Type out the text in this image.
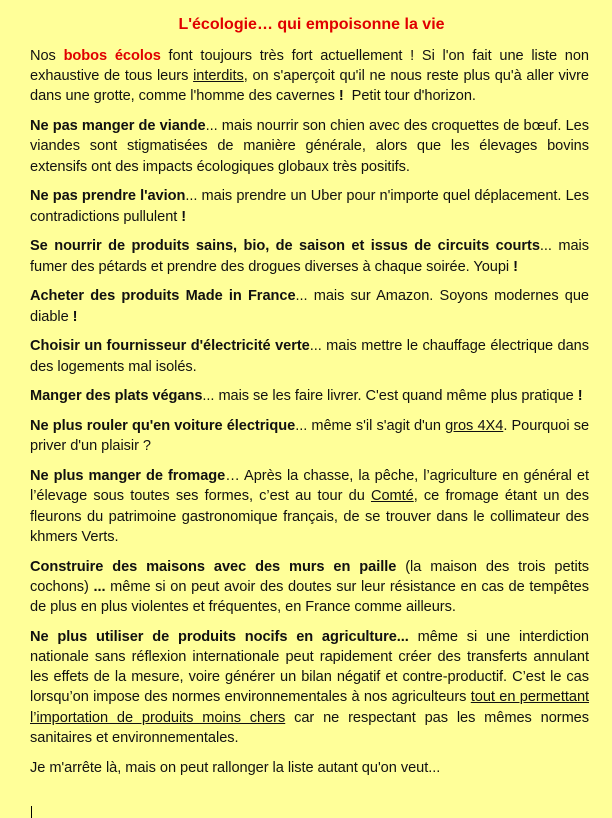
L'écologie… qui empoisonne la vie

Nos bobos écolos font toujours très fort actuellement ! Si l'on fait une liste non exhaustive de tous leurs interdits, on s'aperçoit qu'il ne nous reste plus qu'à aller vivre dans une grotte, comme l'homme des cavernes !  Petit tour d'horizon.

Ne pas manger de viande... mais nourrir son chien avec des croquettes de bœuf. Les viandes sont stigmatisées de manière générale, alors que les élevages bovins extensifs ont des impacts écologiques globaux très positifs.

Ne pas prendre l'avion... mais prendre un Uber pour n'importe quel déplacement. Les contradictions pullulent !

Se nourrir de produits sains, bio, de saison et issus de circuits courts... mais fumer des pétards et prendre des drogues diverses à chaque soirée. Youpi !

Acheter des produits Made in France... mais sur Amazon. Soyons modernes que diable !

Choisir un fournisseur d'électricité verte... mais mettre le chauffage électrique dans des logements mal isolés.

Manger des plats végans... mais se les faire livrer. C'est quand même plus pratique !

Ne plus rouler qu'en voiture électrique... même s'il s'agit d'un gros 4X4. Pourquoi se priver d'un plaisir ?

Ne plus manger de fromage… Après la chasse, la pêche, l’agriculture en général et l’élevage sous toutes ses formes, c’est au tour du Comté, ce fromage étant un des fleurons du patrimoine gastronomique français, de se trouver dans le collimateur des khmers Verts.

Construire des maisons avec des murs en paille (la maison des trois petits cochons) ... même si on peut avoir des doutes sur leur résistance en cas de tempêtes de plus en plus violentes et fréquentes, en France comme ailleurs.

Ne plus utiliser de produits nocifs en agriculture... même si une interdiction nationale sans réflexion internationale peut rapidement créer des transferts annulant les effets de la mesure, voire générer un bilan négatif et contre-productif. C’est le cas lorsqu’on impose des normes environnementales à nos agriculteurs tout en permettant l’importation de produits moins chers car ne respectant pas les mêmes normes sanitaires et environnementales.

Je m'arrête là, mais on peut rallonger la liste autant qu'on veut...
